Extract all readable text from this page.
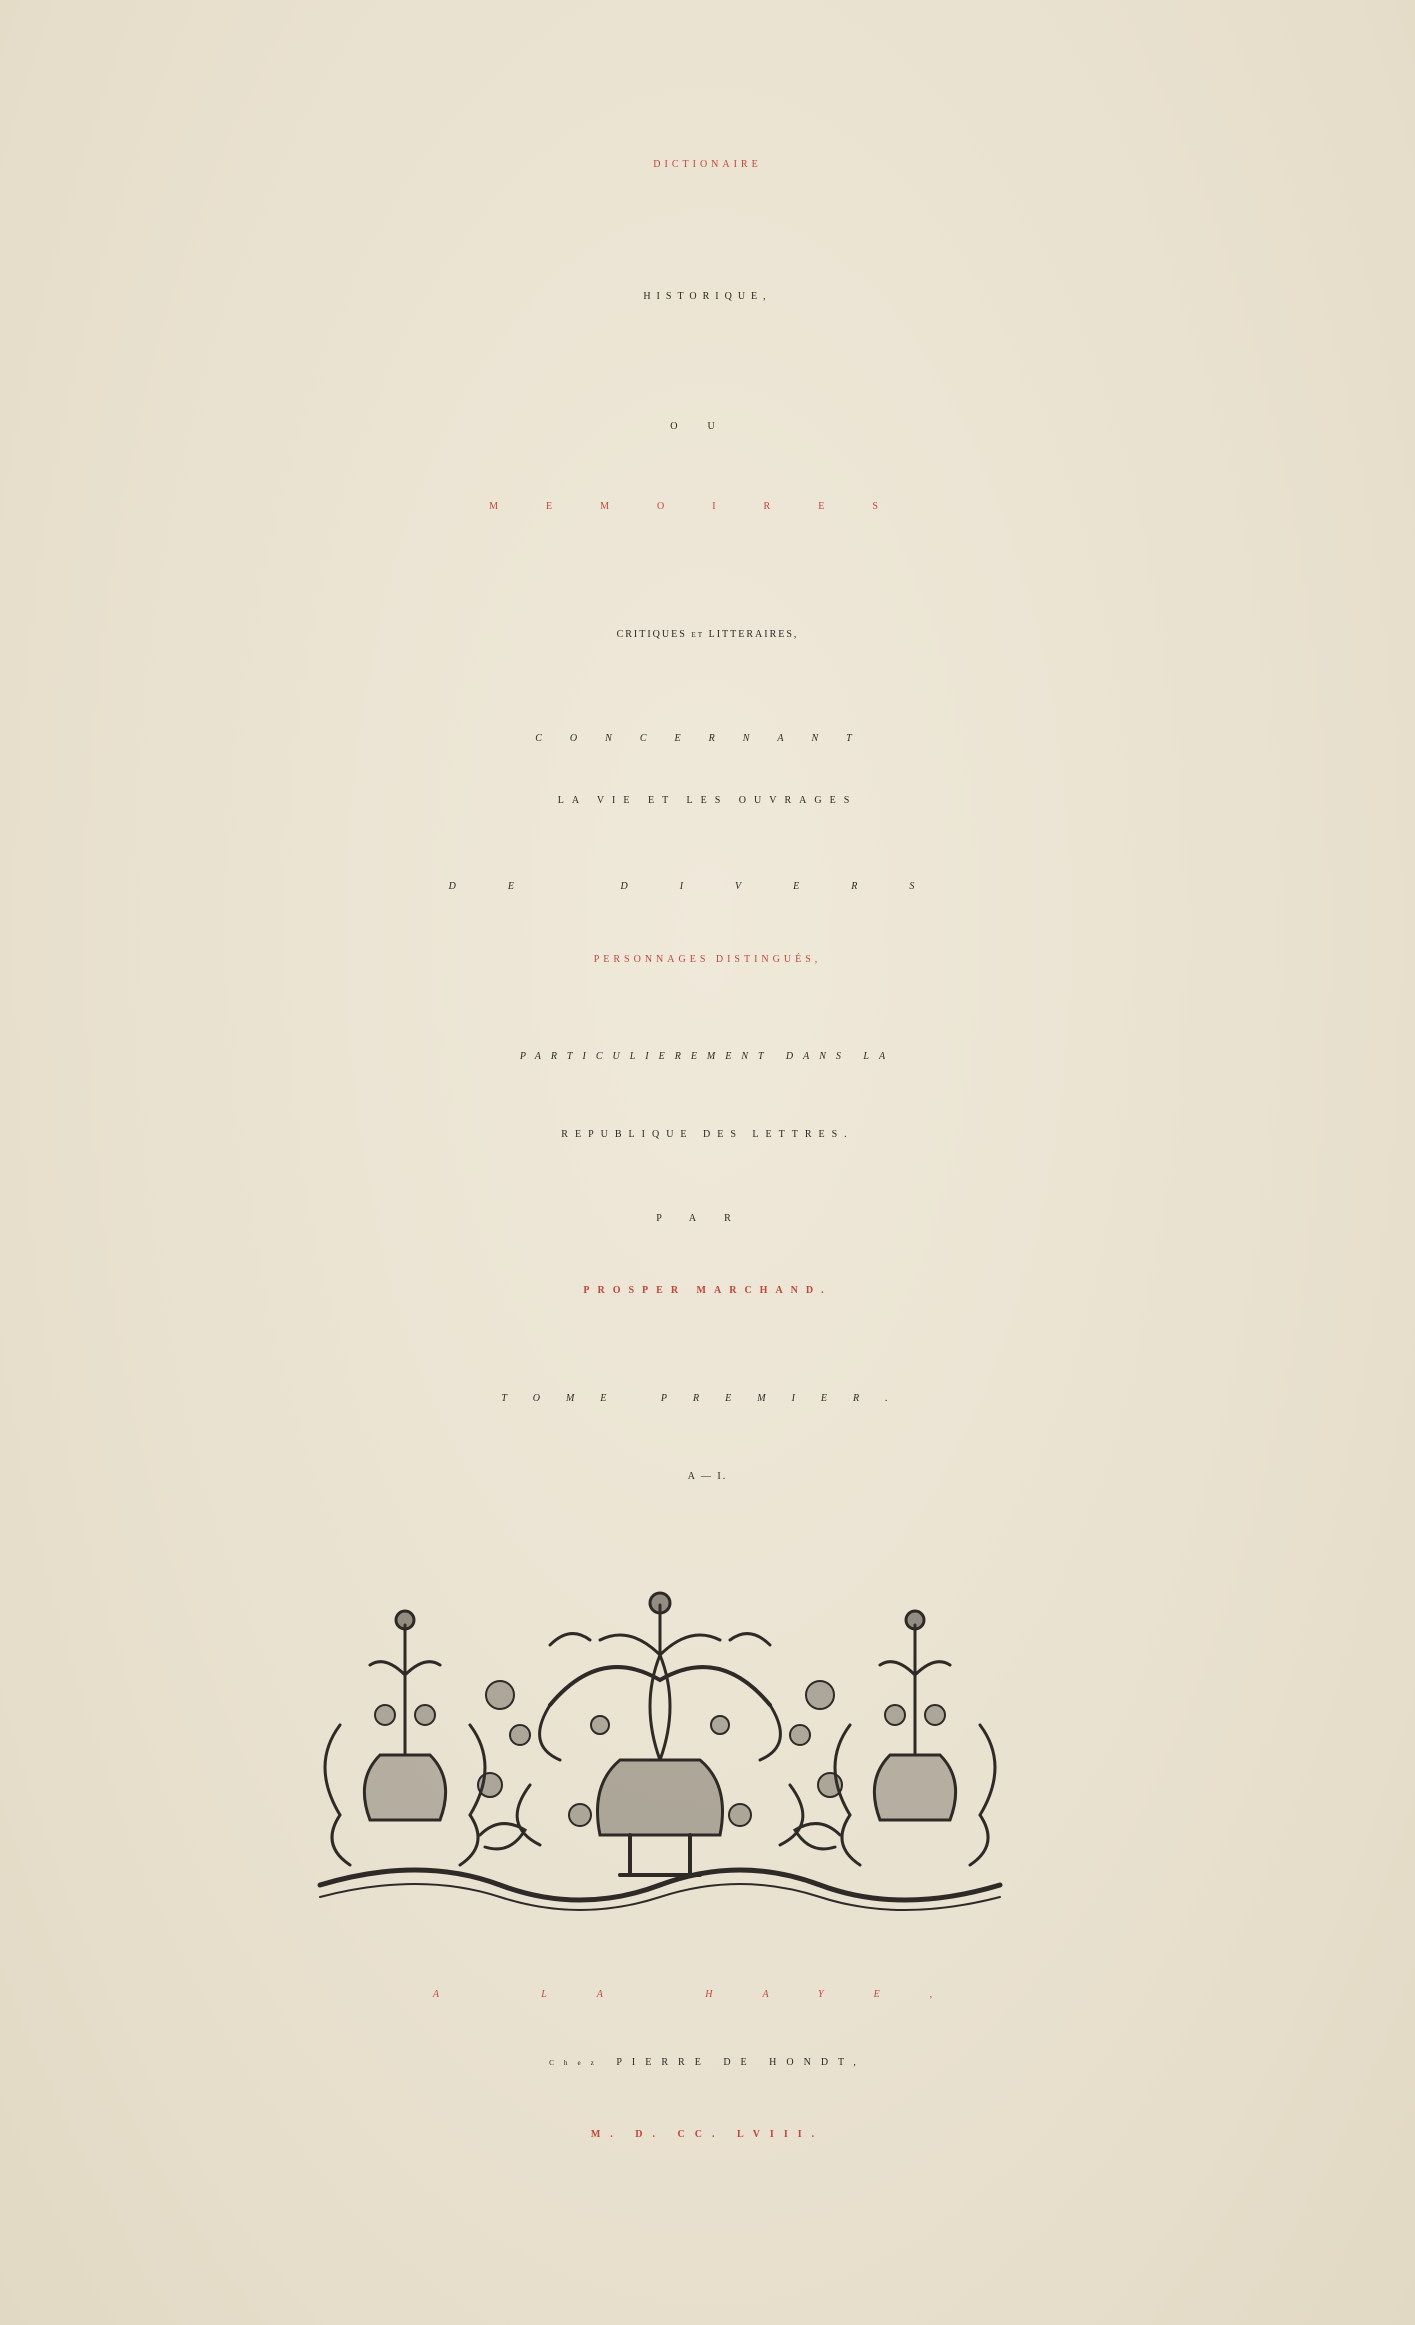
DICTIONAIRE

HISTORIQUE,

OU

MEMOIRES

CRITIQUES ET LITTERAIRES,

CONCERNANT

LA VIE ET LES OUVRAGES

DE DIVERS

PERSONNAGES DISTINGUÉS,

PARTICULIEREMENT DANS LA

REPUBLIQUE DES LETTRES.

PAR

PROSPER MARCHAND.

TOME PREMIER.

A — I.

A LA HAYE,

Chez PIERRE DE HONDT,

M. D. CC. LVIII.
